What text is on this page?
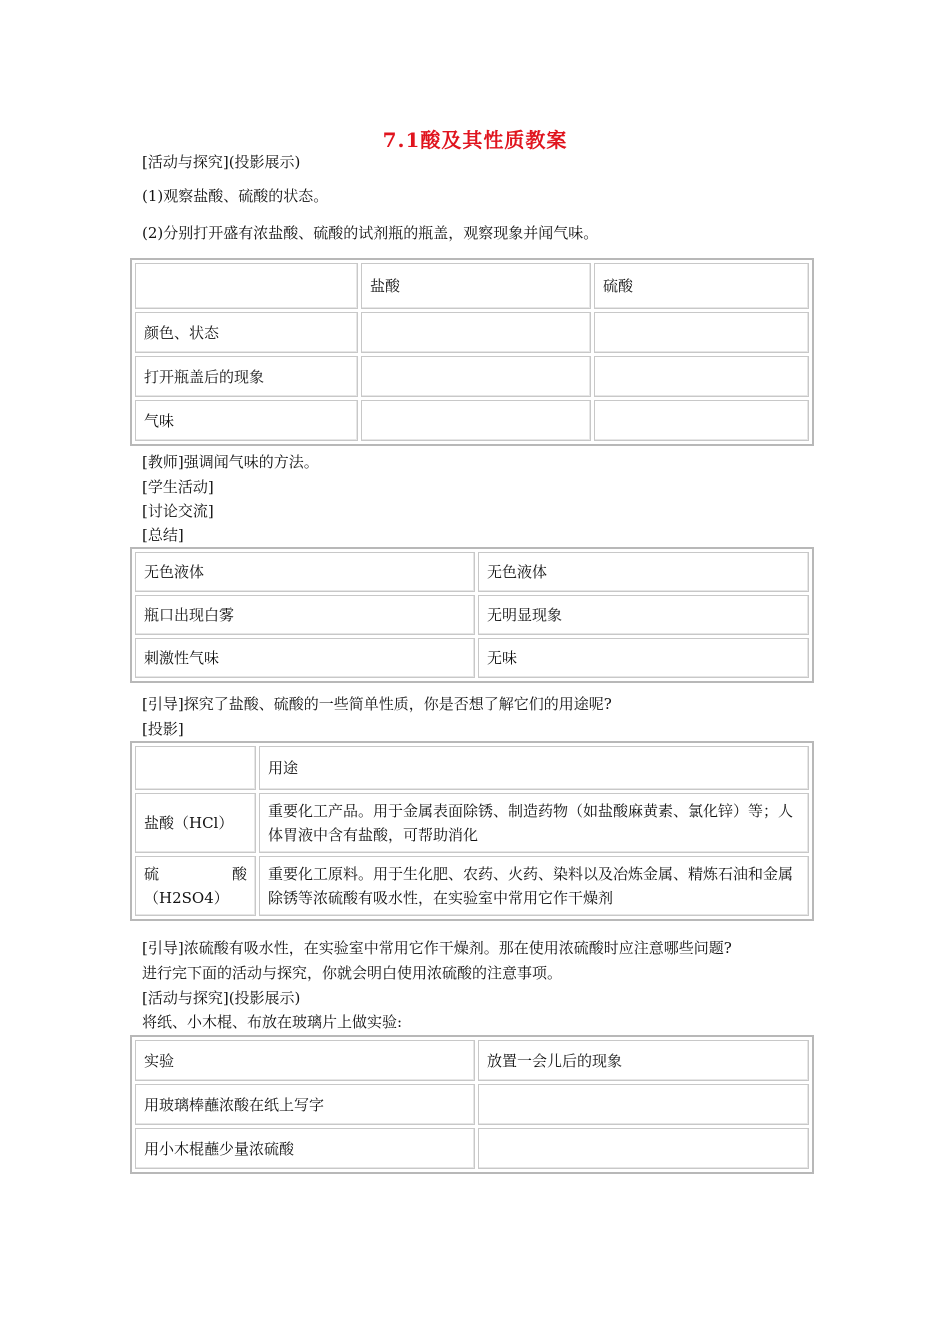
7.1酸及其性质教案
[活动与探究](投影展示)
(1)观察盐酸、硫酸的状态。
(2)分别打开盛有浓盐酸、硫酸的试剂瓶的瓶盖，观察现象并闻气味。
	盐酸	硫酸
颜色、状态		
打开瓶盖后的现象		
气味		
[教师]强调闻气味的方法。
[学生活动]
[讨论交流]
[总结]
无色液体	无色液体
瓶口出现白雾	无明显现象
刺激性气味	无味
[引导]探究了盐酸、硫酸的一些简单性质，你是否想了解它们的用途呢?
[投影]
	用途
盐酸（HCl）	重要化工产品。用于金属表面除锈、制造药物（如盐酸麻黄素、氯化锌）等；人体胃液中含有盐酸，可帮助消化

硫 酸
（H2SO4）	重要化工原料。用于生化肥、农药、火药、染料以及冶炼金属、精炼石油和金属除锈等浓硫酸有吸水性，在实验室中常用它作干燥剂
[引导]浓硫酸有吸水性，在实验室中常用它作干燥剂。那在使用浓硫酸时应注意哪些问题?
进行完下面的活动与探究，你就会明白使用浓硫酸的注意事项。
[活动与探究](投影展示)
将纸、小木棍、布放在玻璃片上做实验:
实验	放置一会儿后的现象
用玻璃棒蘸浓酸在纸上写字	
用小木棍蘸少量浓硫酸	
